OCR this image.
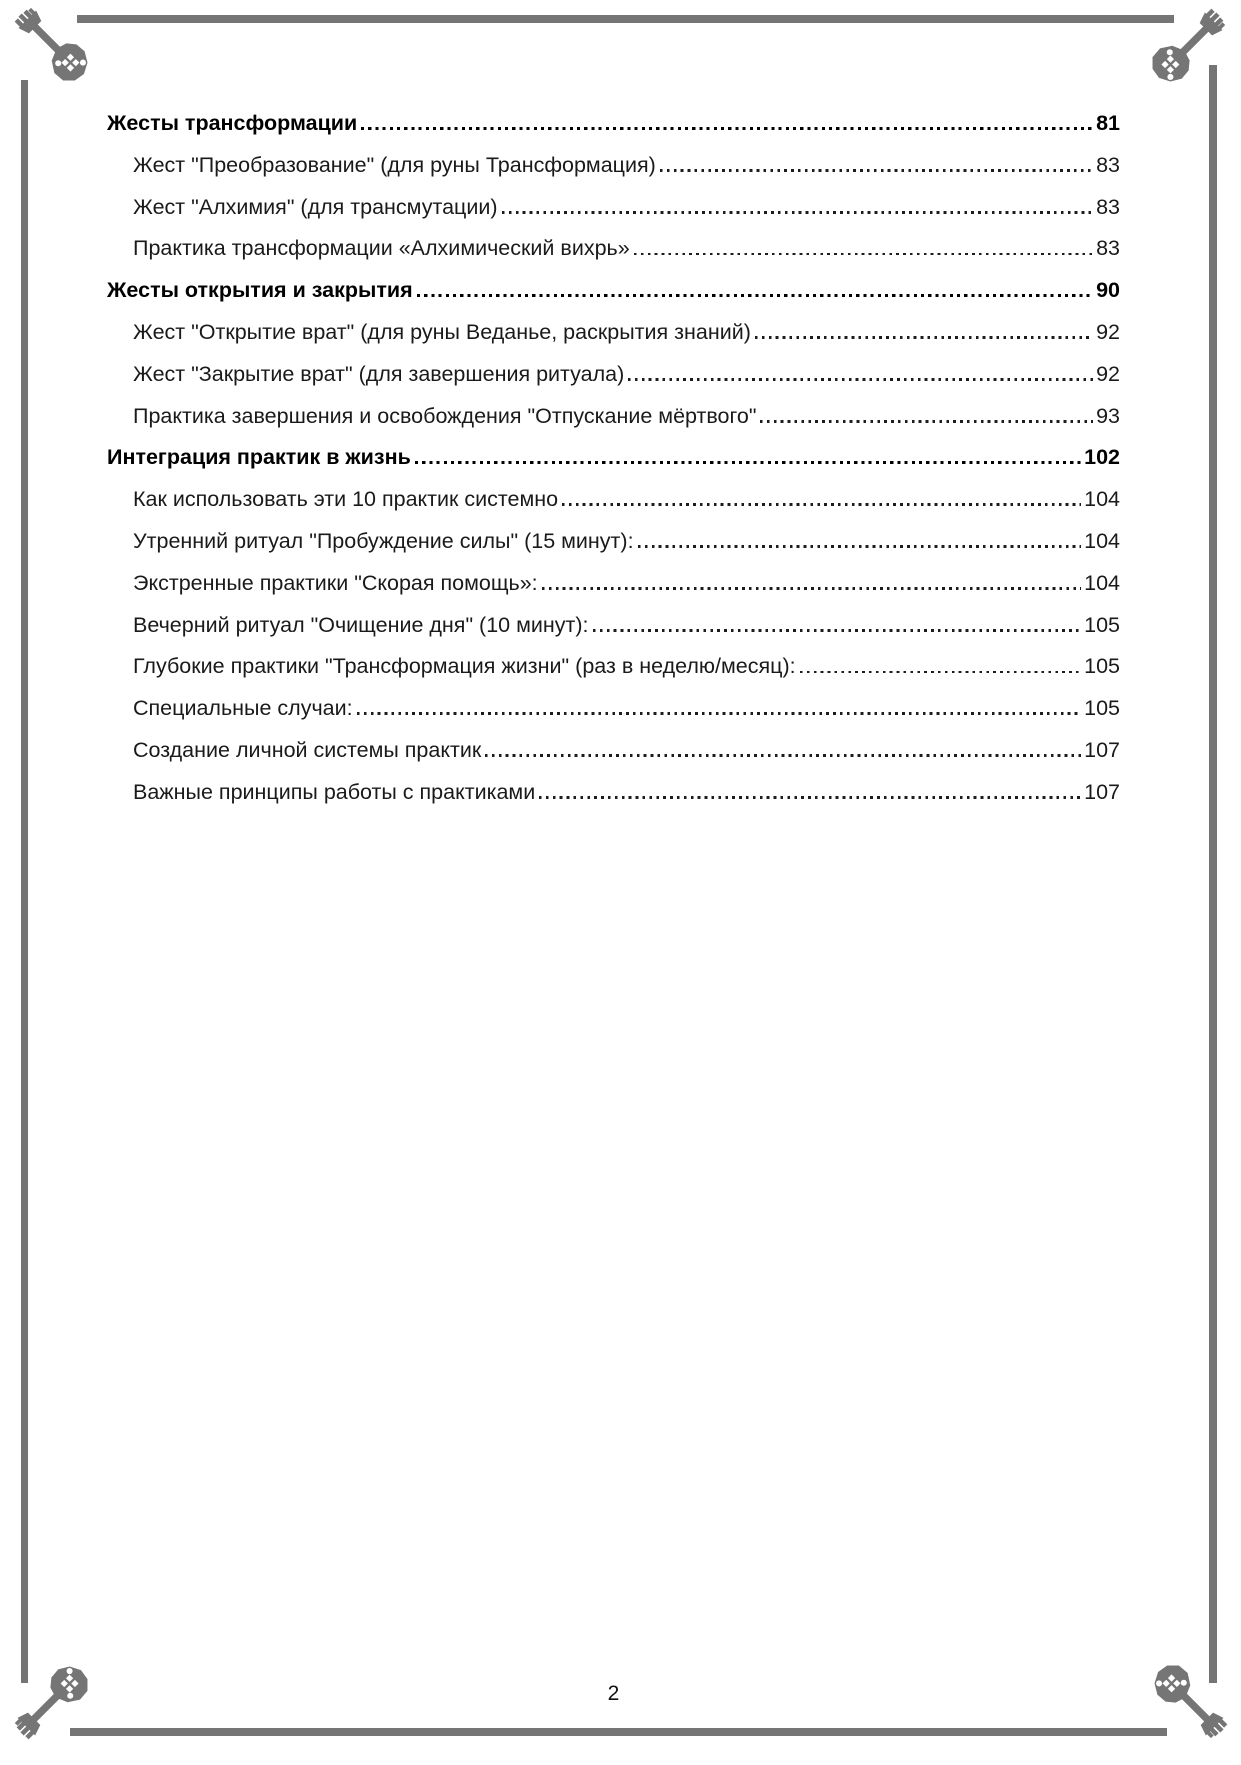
Жесты трансформации	81
Жест "Преобразование" (для руны Трансформация)	83
Жест "Алхимия" (для трансмутации)	83
Практика трансформации «Алхимический вихрь»	83
Жесты открытия и закрытия	90
Жест "Открытие врат" (для руны Веданье, раскрытия знаний)	92
Жест "Закрытие врат" (для завершения ритуала)	92
Практика завершения и освобождения "Отпускание мёртвого"	93
Интеграция практик в жизнь	102
Как использовать эти 10 практик системно	104
Утренний ритуал "Пробуждение силы" (15 минут):	104
Экстренные практики "Скорая помощь»:	104
Вечерний ритуал "Очищение дня" (10 минут):	105
Глубокие практики "Трансформация жизни" (раз в неделю/месяц):	105
Специальные случаи:	105
Создание личной системы практик	107
Важные принципы работы с практиками	107
2
